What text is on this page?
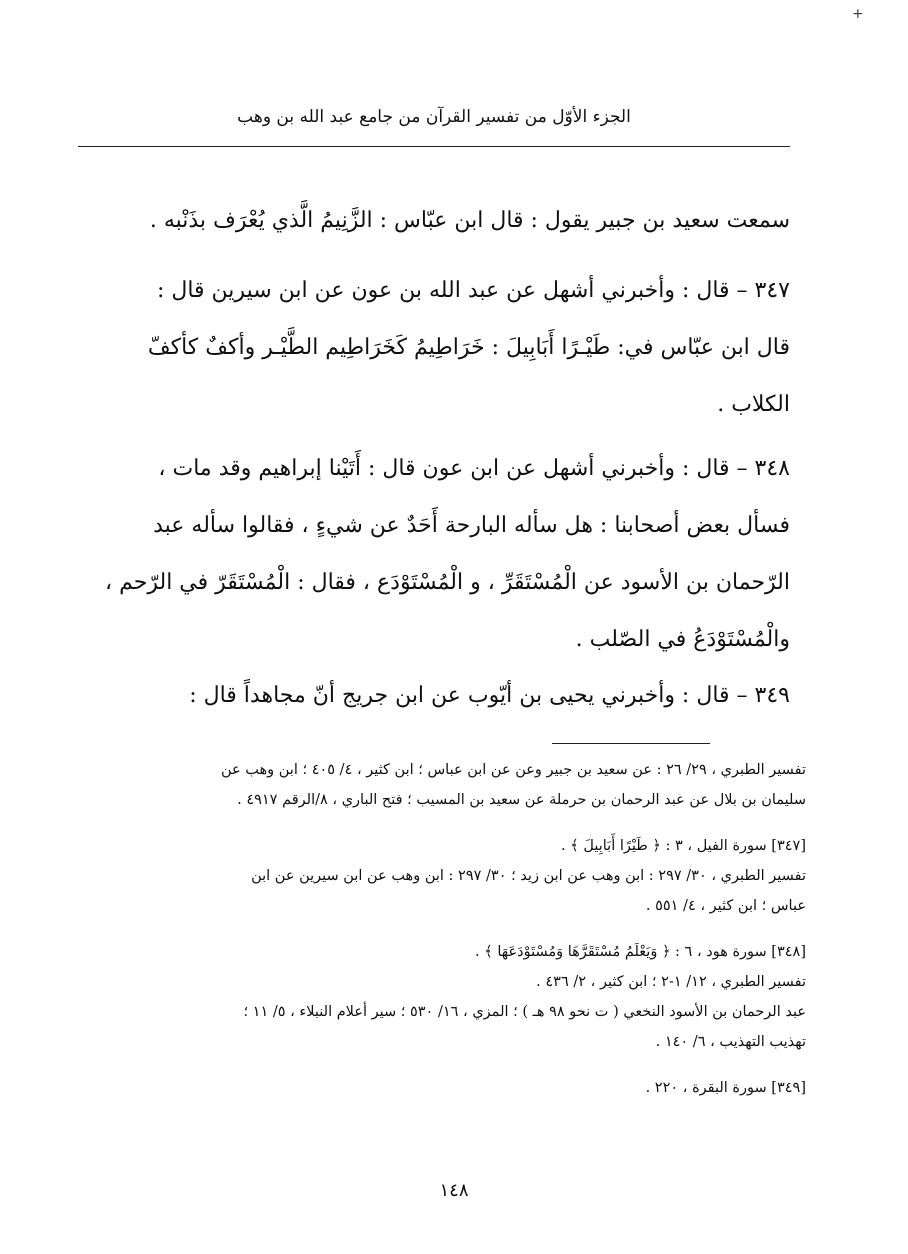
+
الجزء الأوّل من تفسير القرآن من جامع عبد الله بن وهب
سمعت سعيد بن جبير يقول : قال ابن عبّاس : الزَّنِيمُ الَّذي يُعْرَف بذَنْبه .
٣٤٧ – قال : وأخبرني أشهل عن عبد الله بن عون عن ابن سيرين قال :
قال ابن عبّاس في: طَيْـرًا أَبَابِيلَ : خَرَاطِيمُ كَخَرَاطِيم الطَّيْـر وأكفٌ كأكفّ
الكلاب .
٣٤٨ – قال : وأخبرني أشهل عن ابن عون قال : أَتَيْنا إبراهيم وقد مات ،
فسأل بعض أصحابنا : هل سأله البارحة أَحَدٌ عن شيءٍ ، فقالوا سأله عبد
الرّحمان بن الأسود عن الْمُسْتَقَرِّ ، و الْمُسْتَوْدَع ، فقال : الْمُسْتَقَرّ في الرّحم ،
والْمُسْتَوْدَعُ في الصّلب .
٣٤٩ – قال : وأخبرني يحيى بن أيّوب عن ابن جريج أنّ مجاهداً قال :
تفسير الطبري ، ٢٩/ ٢٦ : عن سعيد بن جبير وعن عن ابن عباس ؛ ابن كثير ، ٤/ ٤٠٥ ؛ ابن وهب عن
سليمان بن بلال عن عبد الرحمان بن حرملة عن سعيد بن المسيب ؛ فتح الباري ، ٨/الرقم ٤٩١٧ .
[٣٤٧] سورة الفيل ، ٣ : ﴿ طَيْرًا أَبَابِيلَ ﴾ .
تفسير الطبري ، ٣٠/ ٢٩٧ : ابن وهب عن ابن زيد ؛ ٣٠/ ٢٩٧ : ابن وهب عن ابن سيرين عن ابن
عباس ؛ ابن كثير ، ٤/ ٥٥١ .
[٣٤٨] سورة هود ، ٦ : ﴿ وَيَعْلَمُ مُسْتَقَرَّهَا وَمُسْتَوْدَعَهَا ﴾ .
تفسير الطبري ، ١٢/ ١-٢ ؛ ابن كثير ، ٢/ ٤٣٦ .
عبد الرحمان بن الأسود النخعي ( ت نحو ٩٨ هـ ) ؛ المزي ، ١٦/ ٥٣٠ ؛ سير أعلام النبلاء ، ٥/ ١١ ؛
تهذيب التهذيب ، ٦/ ١٤٠ .
[٣٤٩] سورة البقرة ، ٢٢٠ .
١٤٨
